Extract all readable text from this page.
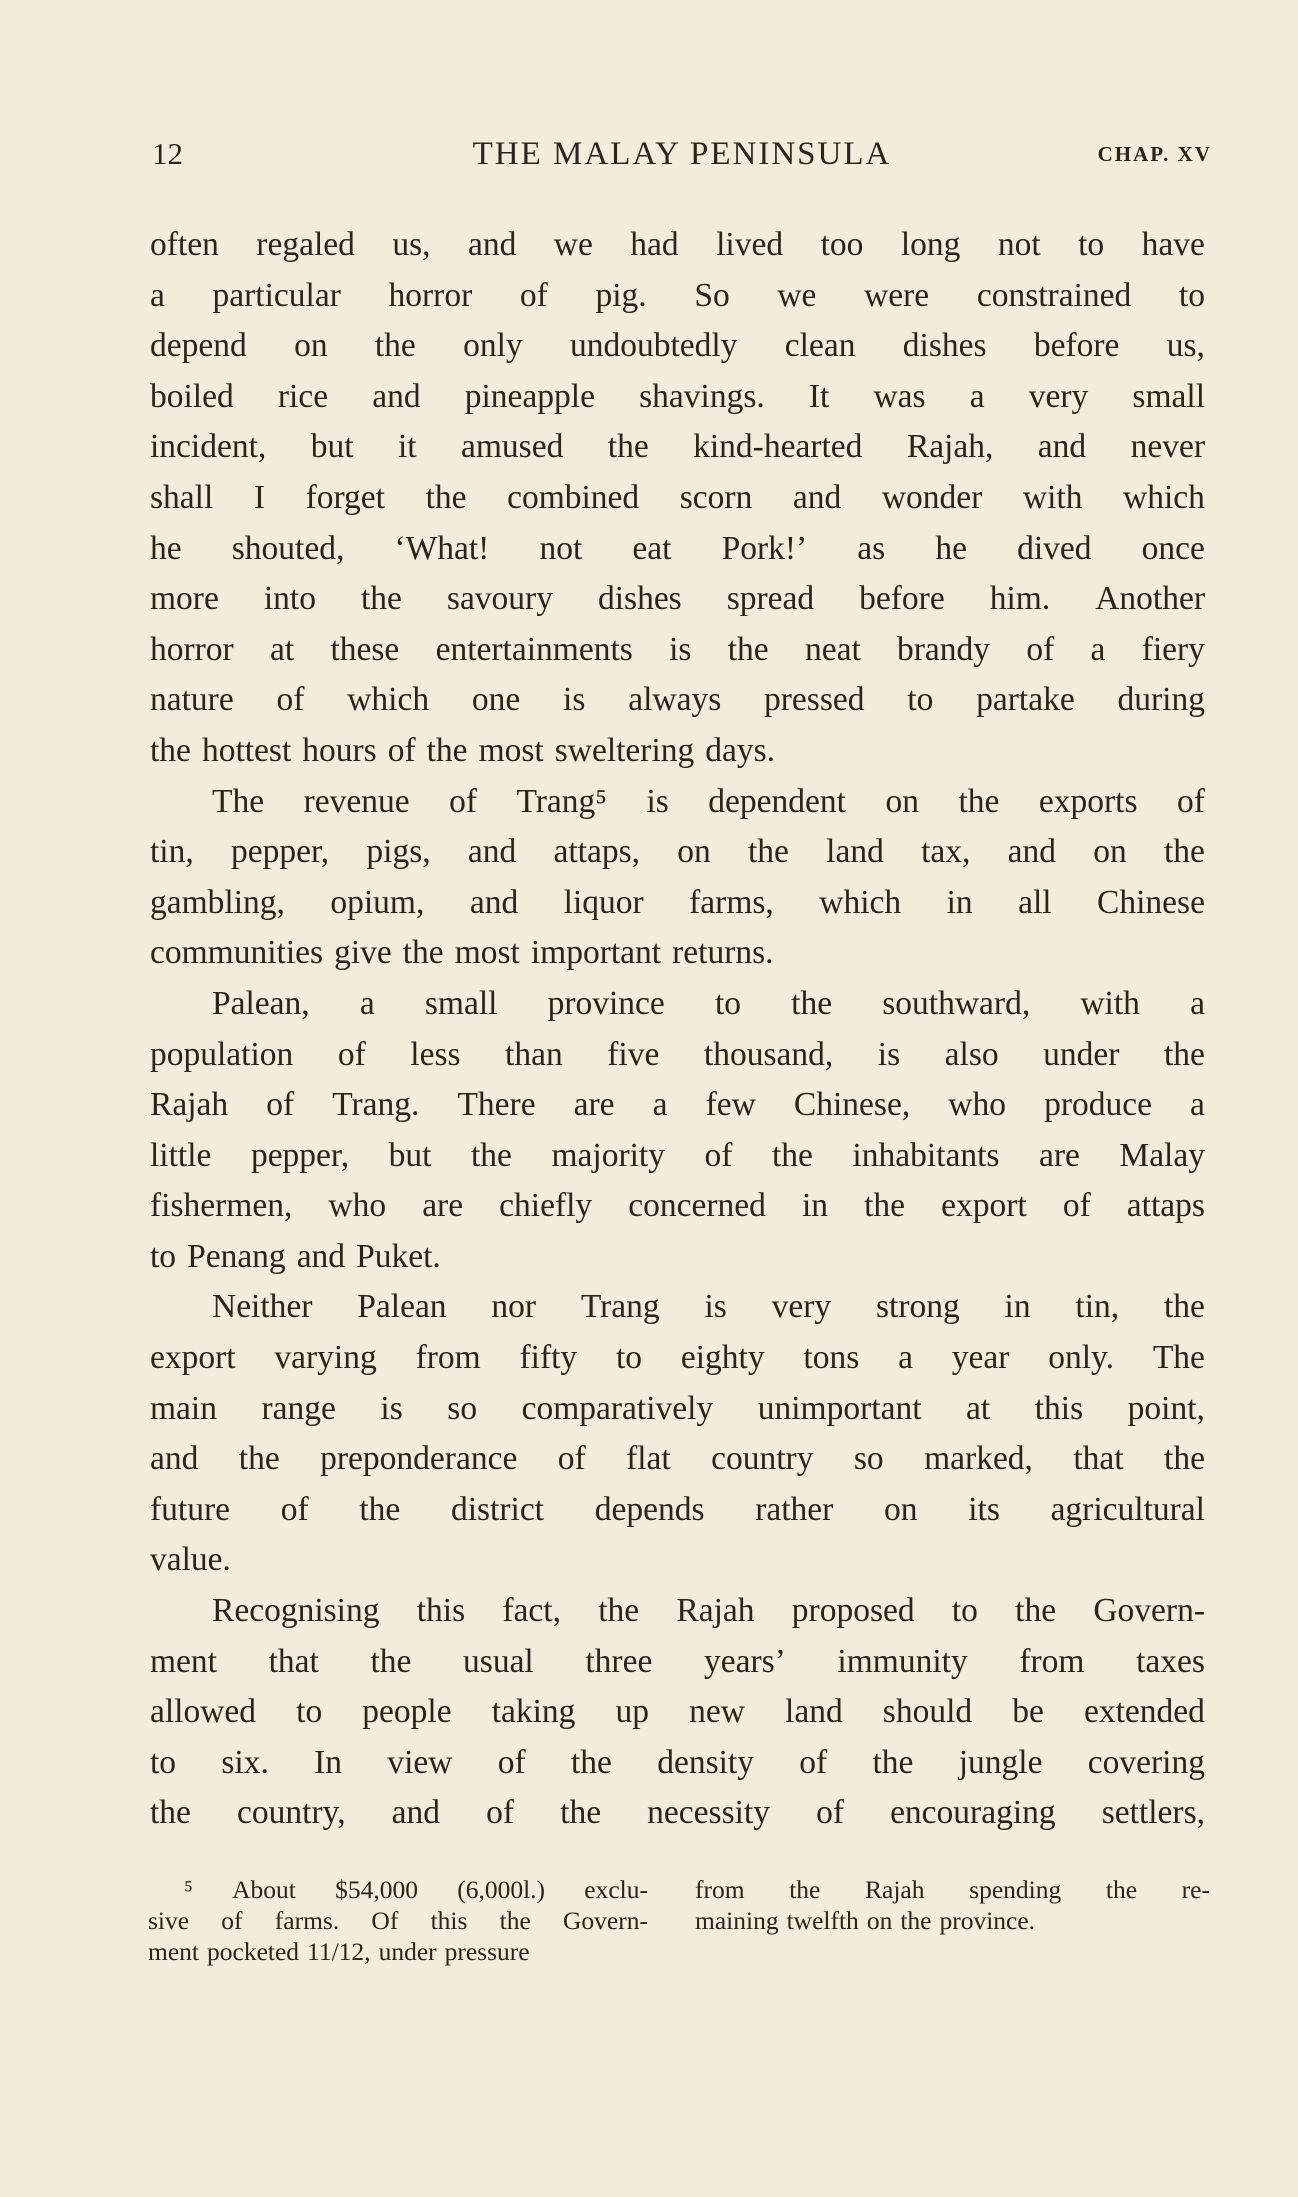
12	THE MALAY PENINSULA	CHAP. XV
often regaled us, and we had lived too long not to have
a particular horror of pig. So we were constrained to
depend on the only undoubtedly clean dishes before us,
boiled rice and pineapple shavings. It was a very small
incident, but it amused the kind-hearted Rajah, and never
shall I forget the combined scorn and wonder with which
he shouted, ‘What! not eat Pork!’ as he dived once
more into the savoury dishes spread before him. Another
horror at these entertainments is the neat brandy of a fiery
nature of which one is always pressed to partake during
the hottest hours of the most sweltering days.
The revenue of Trang⁵ is dependent on the exports of
tin, pepper, pigs, and attaps, on the land tax, and on the
gambling, opium, and liquor farms, which in all Chinese
communities give the most important returns.
Palean, a small province to the southward, with a
population of less than five thousand, is also under the
Rajah of Trang. There are a few Chinese, who produce a
little pepper, but the majority of the inhabitants are Malay
fishermen, who are chiefly concerned in the export of attaps
to Penang and Puket.
Neither Palean nor Trang is very strong in tin, the
export varying from fifty to eighty tons a year only. The
main range is so comparatively unimportant at this point,
and the preponderance of flat country so marked, that the
future of the district depends rather on its agricultural
value.
Recognising this fact, the Rajah proposed to the Govern-
ment that the usual three years’ immunity from taxes
allowed to people taking up new land should be extended
to six. In view of the density of the jungle covering
the country, and of the necessity of encouraging settlers,
⁵ About $54,000 (6,000l.) exclu-
sive of farms. Of this the Govern-
ment pocketed 11/12, under pressure
from the Rajah spending the re-
maining twelfth on the province.
